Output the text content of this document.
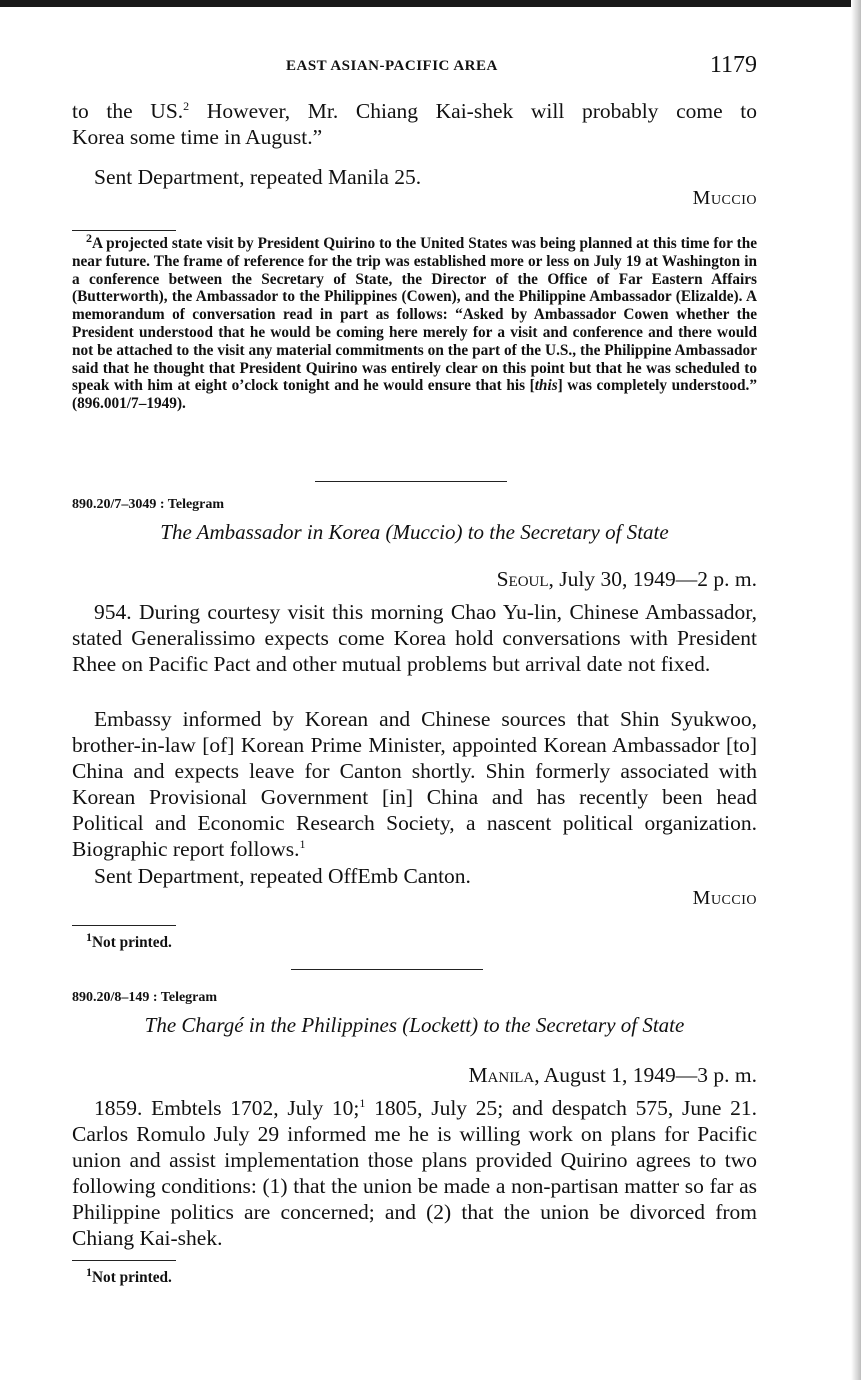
EAST ASIAN-PACIFIC AREA	1179

to the US.$^2$ However, Mr. Chiang Kai-shek will probably come to

Korea some time in August.”

Sent Department, repeated Manila 25.

Muccio

$^2$A projected state visit by President Quirino to the United States was being planned at this time for the near future. The frame of reference for the trip was established more or less on July 19 at Washington in a conference between the Secretary of State, the Director of the Office of Far Eastern Affairs (Butterworth), the Ambassador to the Philippines (Cowen), and the Philippine Ambassador (Elizalde). A memorandum of conversation read in part as follows: “Asked by Ambassador Cowen whether the President understood that he would be coming here merely for a visit and conference and there would not be attached to the visit any material commitments on the part of the U.S., the Philippine Ambassador said that he thought that President Quirino was entirely clear on this point but that he was scheduled to speak with him at eight o’clock tonight and he would ensure that his [this] was completely understood.” (896.001/7–1949).

890.20/7–3049 : Telegram
The Ambassador in Korea (Muccio) to the Secretary of State
Seoul, July 30, 1949—2 p. m.

954. During courtesy visit this morning Chao Yu-lin, Chinese Ambassador, stated Generalissimo expects come Korea hold conversations with President Rhee on Pacific Pact and other mutual problems but arrival date not fixed.

Embassy informed by Korean and Chinese sources that Shin Syukwoo, brother-in-law [of] Korean Prime Minister, appointed Korean Ambassador [to] China and expects leave for Canton shortly. Shin formerly associated with Korean Provisional Government [in] China and has recently been head Political and Economic Research Society, a nascent political organization. Biographic report follows.$^1$

Sent Department, repeated OffEmb Canton.

Muccio

$^1$Not printed.

890.20/8–149 : Telegram
The Chargé in the Philippines (Lockett) to the Secretary of State
Manila, August 1, 1949—3 p. m.

1859. Embtels 1702, July 10;$^1$ 1805, July 25; and despatch 575, June 21. Carlos Romulo July 29 informed me he is willing work on plans for Pacific union and assist implementation those plans provided Quirino agrees to two following conditions: (1) that the union be made a non-partisan matter so far as Philippine politics are concerned; and (2) that the union be divorced from Chiang Kai-shek.

$^1$Not printed.
